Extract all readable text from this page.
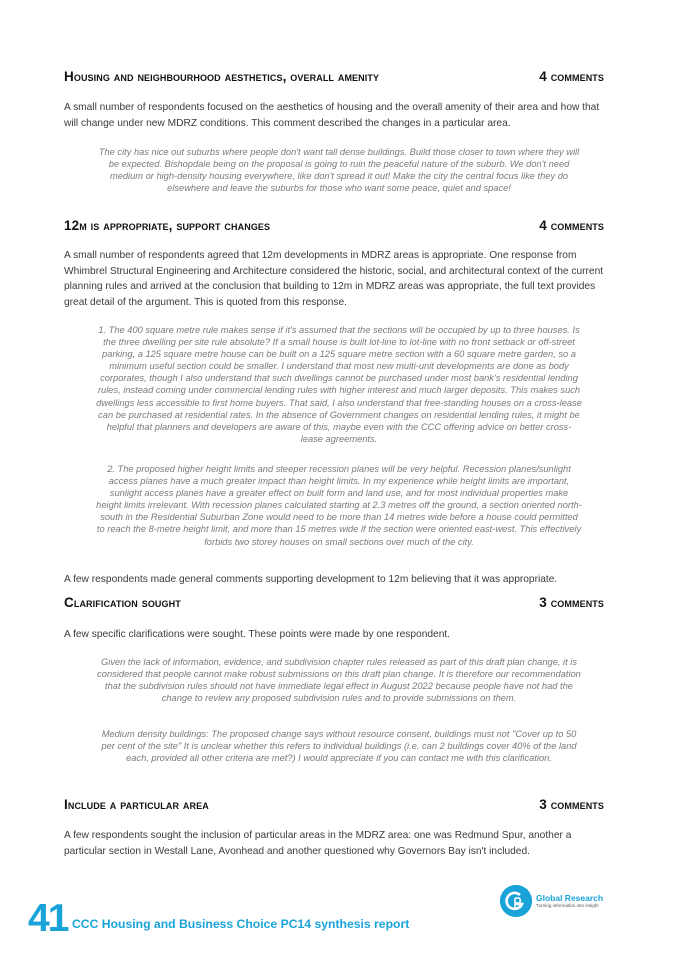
Housing and neighbourhood aesthetics, overall amenity	4 comments

A small number of respondents focused on the aesthetics of housing and the overall amenity of their area and how that will change under new MDRZ conditions. This comment described the changes in a particular area.

The city has nice out suburbs where people don't want tall dense buildings. Build those closer to town where they will be expected. Bishopdale being on the proposal is going to ruin the peaceful nature of the suburb. We don't need medium or high-density housing everywhere, like don't spread it out! Make the city the central focus like they do elsewhere and leave the suburbs for those who want some peace, quiet and space!

12m is appropriate, support changes	4 comments

A small number of respondents agreed that 12m developments in MDRZ areas is appropriate. One response from Whimbrel Structural Engineering and Architecture considered the historic, social, and architectural context of the current planning rules and arrived at the conclusion that building to 12m in MDRZ areas was appropriate, the full text provides great detail of the argument. This is quoted from this response.

1. The 400 square metre rule makes sense if it's assumed that the sections will be occupied by up to three houses. Is the three dwelling per site rule absolute? If a small house is built lot-line to lot-line with no front setback or off-street parking, a 125 square metre house can be built on a 125 square metre section with a 60 square metre garden, so a minimum useful section could be smaller. I understand that most new multi-unit developments are done as body corporates, though I also understand that such dwellings cannot be purchased under most bank's residential lending rules, instead coming under commercial lending rules with higher interest and much larger deposits. This makes such dwellings less accessible to first home buyers. That said, I also understand that free-standing houses on a cross-lease can be purchased at residential rates. In the absence of Government changes on residential lending rules, it might be helpful that planners and developers are aware of this, maybe even with the CCC offering advice on better cross-lease agreements.

2. The proposed higher height limits and steeper recession planes will be very helpful. Recession planes/sunlight access planes have a much greater impact than height limits. In my experience while height limits are important, sunlight access planes have a greater effect on built form and land use, and for most individual properties make height limits irrelevant. With recession planes calculated starting at 2.3 metres off the ground, a section oriented north-south in the Residential Suburban Zone would need to be more than 14 metres wide before a house could permitted to reach the 8-metre height limit, and more than 15 metres wide if the section were oriented east-west. This effectively forbids two storey houses on small sections over much of the city.

A few respondents made general comments supporting development to 12m believing that it was appropriate.

Clarification sought	3 comments

A few specific clarifications were sought. These points were made by one respondent.

Given the lack of information, evidence, and subdivision chapter rules released as part of this draft plan change, it is considered that people cannot make robust submissions on this draft plan change. It is therefore our recommendation that the subdivision rules should not have immediate legal effect in August 2022 because people have not had the change to review any proposed subdivision rules and to provide submissions on them.

Medium density buildings: The proposed change says without resource consent, buildings must not "Cover up to 50 per cent of the site" It is unclear whether this refers to individual buildings (i.e. can 2 buildings cover 40% of the land each, provided all other criteria are met?) I would appreciate if you can contact me with this clarification.

Include a particular area	3 comments

A few respondents sought the inclusion of particular areas in the MDRZ area: one was Redmund Spur, another a particular section in Westall Lane, Avonhead and another questioned why Governors Bay isn't included.

41 CCC Housing and Business Choice PC14 synthesis report
Global Research
Turning information into insight
